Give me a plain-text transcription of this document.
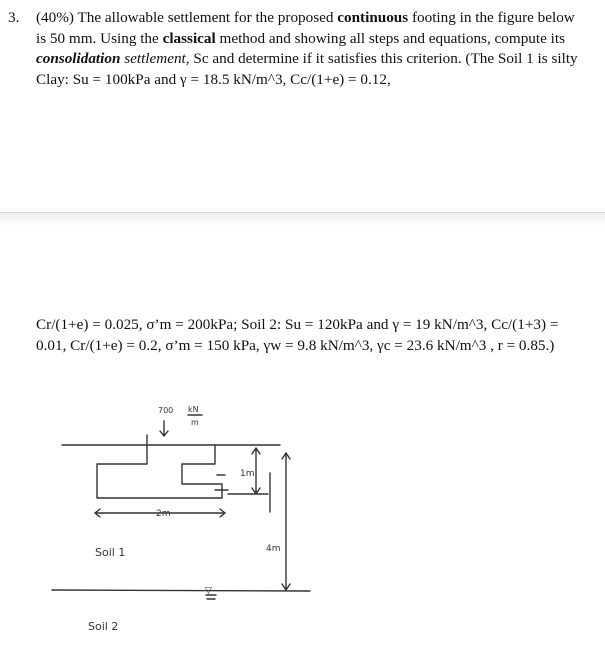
3. (40%) The allowable settlement for the proposed continuous footing in the figure below is 50 mm. Using the classical method and showing all steps and equations, compute its consolidation settlement, Sc and determine if it satisfies this criterion. (The Soil 1 is silty Clay: Su = 100kPa and γ = 18.5 kN/m^3, Cc/(1+e) = 0.12,
Cr/(1+e) = 0.025, σ’m = 200kPa; Soil 2: Su = 120kPa and γ = 19 kN/m^3, Cc/(1+3) = 0.01, Cr/(1+e) = 0.2, σ’m = 150 kPa, γw = 9.8 kN/m^3, γc = 23.6 kN/m^3 , r = 0.85.)
700 kN
m
2m
1m
4m
Soil 1
Soil 2
▽
